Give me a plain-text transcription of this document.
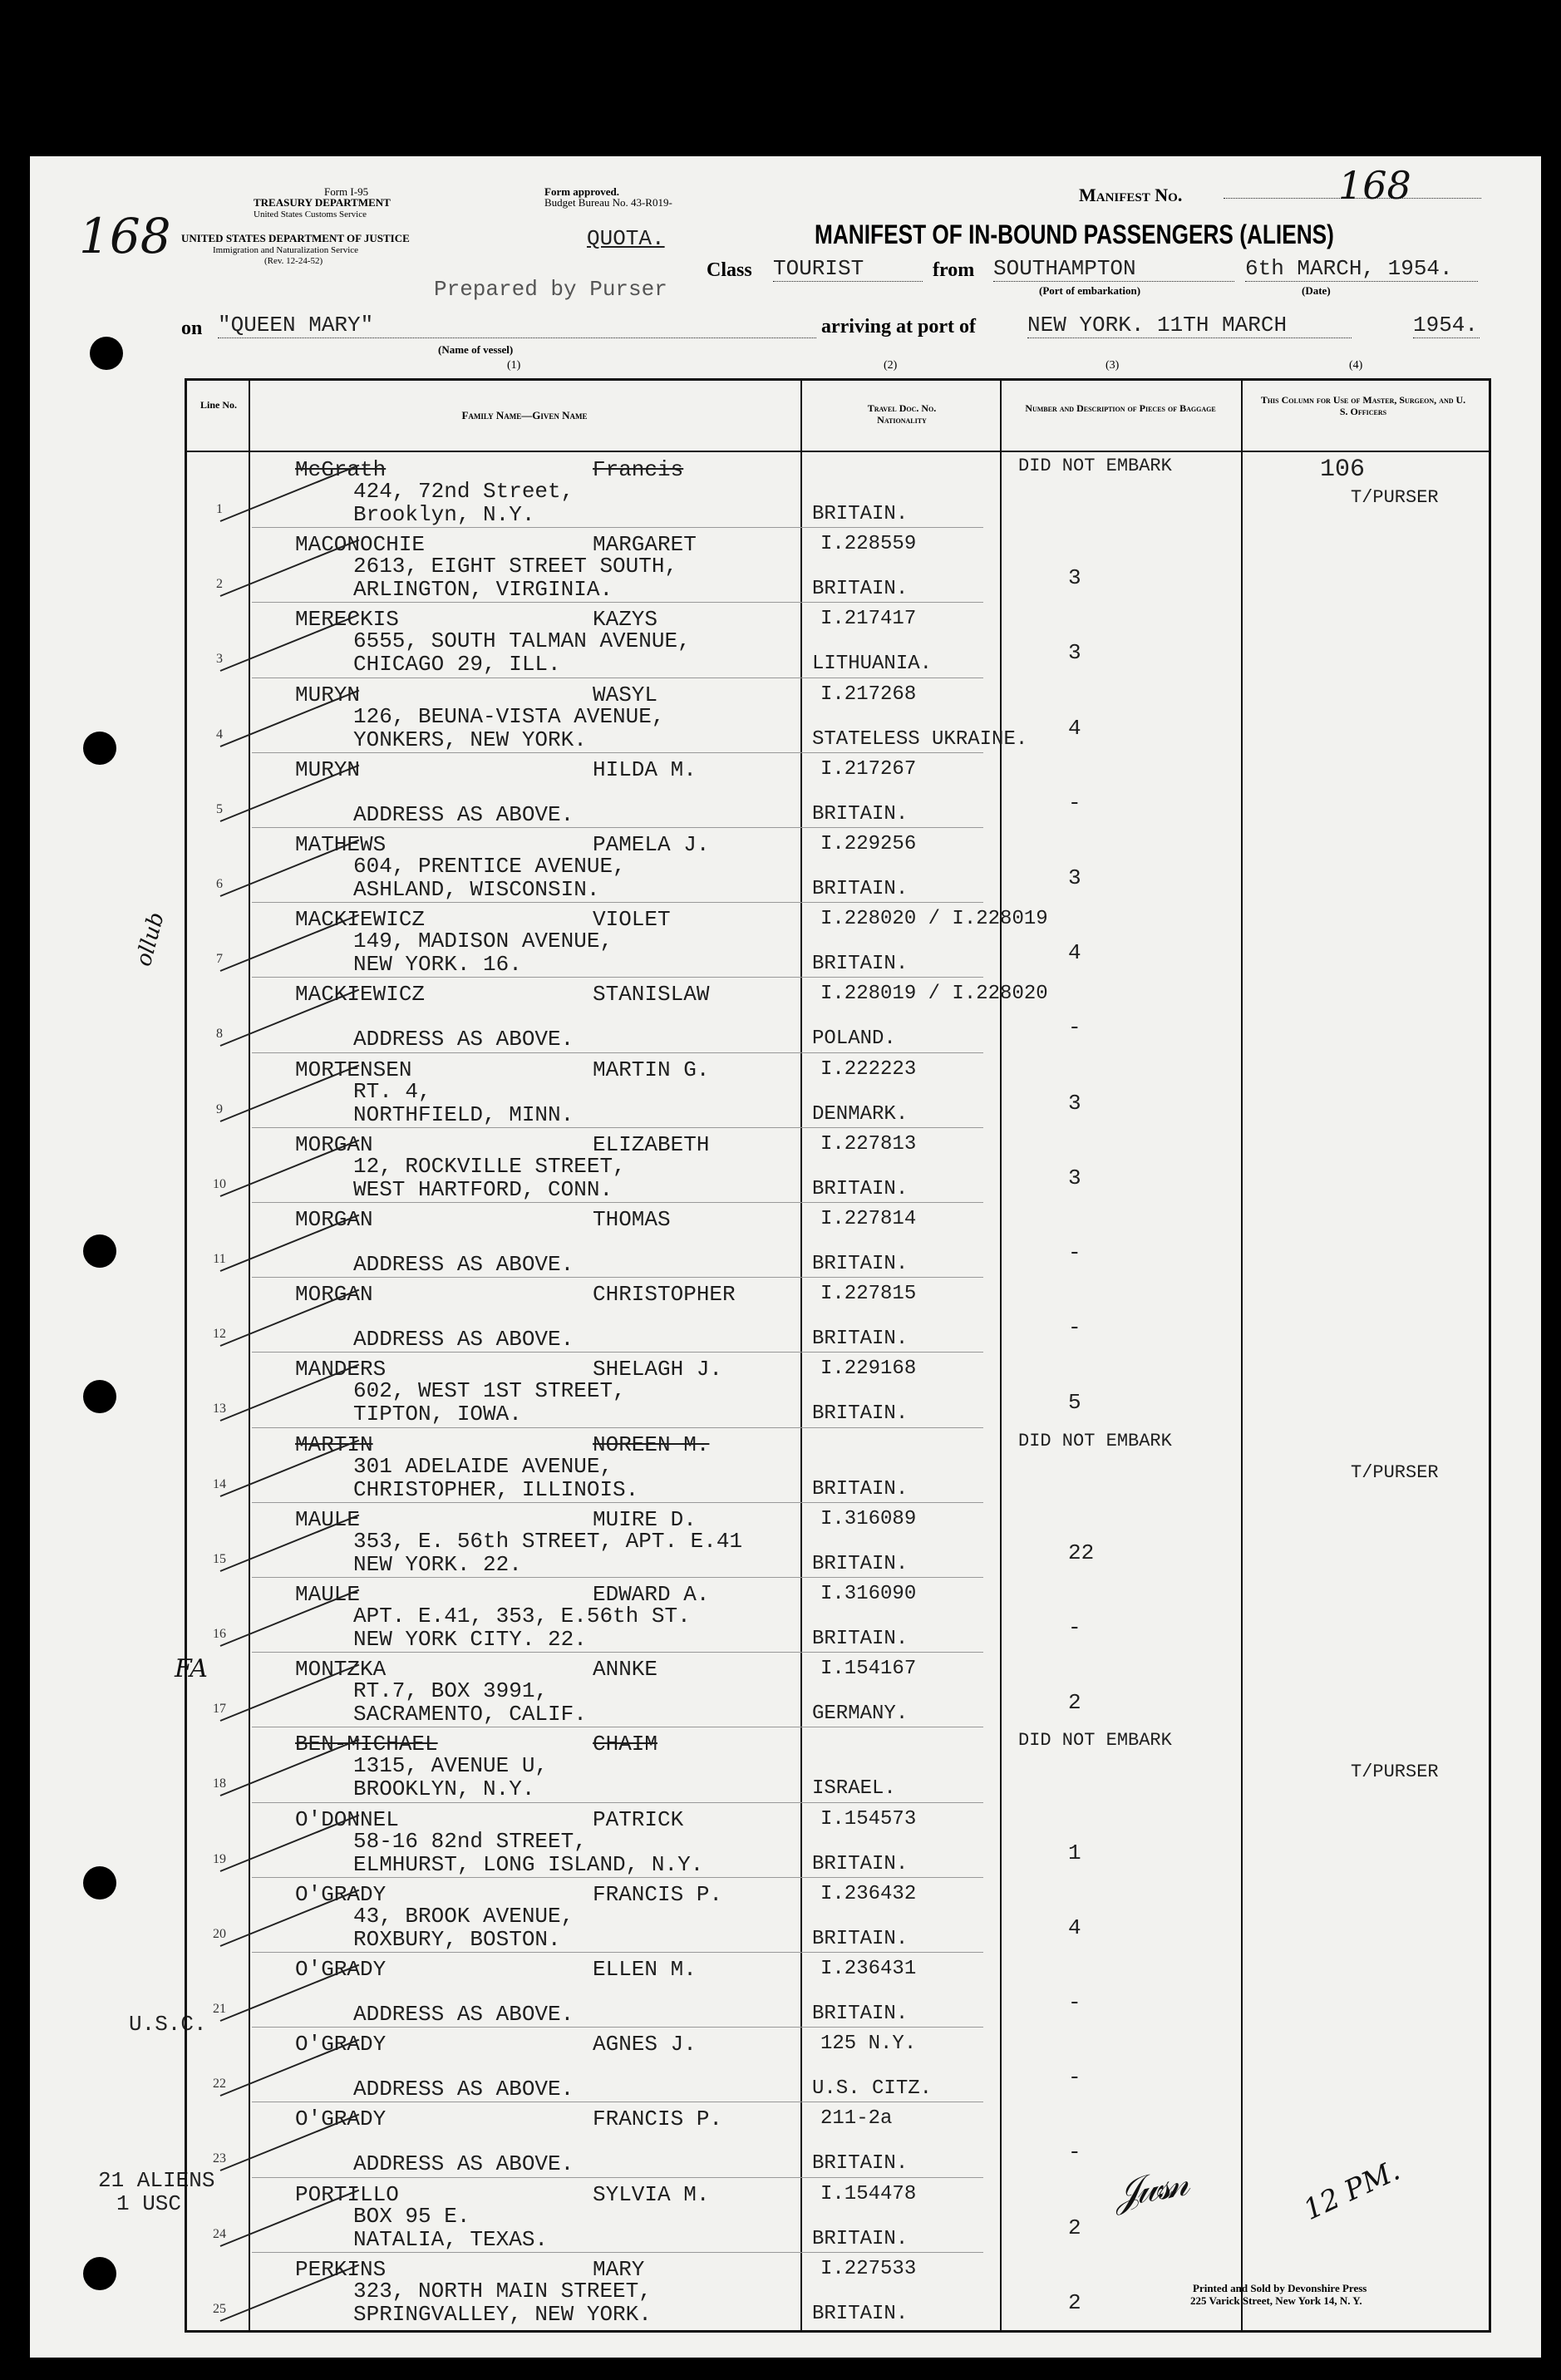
168
ollub
FA
U.S.C.
21 ALIENS
1 USC
Form I-95
TREASURY DEPARTMENT
United States Customs Service
UNITED STATES DEPARTMENT OF JUSTICE
Immigration and Naturalization Service
(Rev. 12-24-52)
Form approved.
Budget Bureau No. 43-R019-
QUOTA.	MANIFEST OF IN-BOUND PASSENGERS (ALIENS)
Manifest No.	168
Prepared by Purser
Class TOURIST	from SOUTHAMPTON
(Port of embarkation)
6th MARCH, 1954.
(Date)
on "QUEEN MARY"
(Name of vessel)
arriving at port of NEW YORK. 11TH MARCH	1954.
(1)	(2)	(3)	(4)
Line No.
Family Name—Given Name
Travel Doc. No. Nationality
Number and Description of Pieces of Baggage
This Column for Use of Master, Surgeon, and U. S. Officers
1
McGrath	Francis
424, 72nd Street,
Brooklyn, N.Y.	BRITAIN.
DID NOT EMBARK
T/PURSER
2
MACONOCHIE	MARGARET
2613, EIGHT STREET SOUTH,
ARLINGTON, VIRGINIA.
I.228559
BRITAIN.	3
3
MERECKIS	KAZYS
6555, SOUTH TALMAN AVENUE,
CHICAGO 29, ILL.
I.217417
LITHUANIA.	3
4
MURYN	WASYL
126, BEUNA-VISTA AVENUE,
YONKERS, NEW YORK.
I.217268
STATELESS UKRAINE. 4
5
MURYN	HILDA M.
ADDRESS AS ABOVE.
I.217267
BRITAIN.	-
6
MATHEWS	PAMELA J.
604, PRENTICE AVENUE,
ASHLAND, WISCONSIN.
I.229256
BRITAIN.	3
7
MACKIEWICZ	VIOLET
149, MADISON AVENUE,
NEW YORK. 16.
I.228020 / I.228019
BRITAIN.	4
8
MACKIEWICZ	STANISLAW
ADDRESS AS ABOVE.
I.228019 / I.228020
POLAND.	-
9
MORTENSEN	MARTIN G.
RT. 4,
NORTHFIELD, MINN.
I.222223
DENMARK.	3
10
MORGAN	ELIZABETH
12, ROCKVILLE STREET,
WEST HARTFORD, CONN.
I.227813
BRITAIN.	3
11
MORGAN	THOMAS
ADDRESS AS ABOVE.
I.227814
BRITAIN.	-
12
MORGAN	CHRISTOPHER
ADDRESS AS ABOVE.
I.227815
BRITAIN.	-
13
MANDERS	SHELAGH J.
602, WEST 1ST STREET,
TIPTON, IOWA.
I.229168
BRITAIN.	5
14
MARTIN	NOREEN M.
301 ADELAIDE AVENUE,
CHRISTOPHER, ILLINOIS.	BRITAIN.
DID NOT EMBARK
T/PURSER
15
MAULE	MUIRE D.
353, E. 56th STREET, APT. E.41
NEW YORK. 22.
I.316089
BRITAIN.	22
16
MAULE	EDWARD A.
APT. E.41, 353, E.56th ST.
NEW YORK CITY. 22.
I.316090
BRITAIN.	-
17
MONTZKA	ANNKE
RT.7, BOX 3991,
SACRAMENTO, CALIF.
I.154167
GERMANY.	2
18
BEN-MICHAEL	CHAIM
1315, AVENUE U,
BROOKLYN, N.Y.	ISRAEL.
DID NOT EMBARK
T/PURSER
19
O'DONNEL	PATRICK
58-16 82nd STREET,
ELMHURST, LONG ISLAND, N.Y.
I.154573
BRITAIN.	1
20
O'GRADY	FRANCIS P.
43, BROOK AVENUE,
ROXBURY, BOSTON.
I.236432
BRITAIN.	4
21
O'GRADY	ELLEN M.
ADDRESS AS ABOVE.
I.236431
BRITAIN.	-
22
O'GRADY	AGNES J.
ADDRESS AS ABOVE.
125 N.Y.
U.S. CITZ.	-
23
O'GRADY	FRANCIS P.
ADDRESS AS ABOVE.
211-2a
BRITAIN.	-
24
PORTILLO	SYLVIA M.
BOX 95 E.
NATALIA, TEXAS.
I.154478
BRITAIN.	2
25
PERKINS	MARY
323, NORTH MAIN STREET,
SPRINGVALLEY, NEW YORK.
I.227533
BRITAIN.	2
106
12 PM.
𝒥𝓌𝓈𝓃
Printed and Sold by Devonshire Press
225 Varick Street, New York 14, N. Y.
